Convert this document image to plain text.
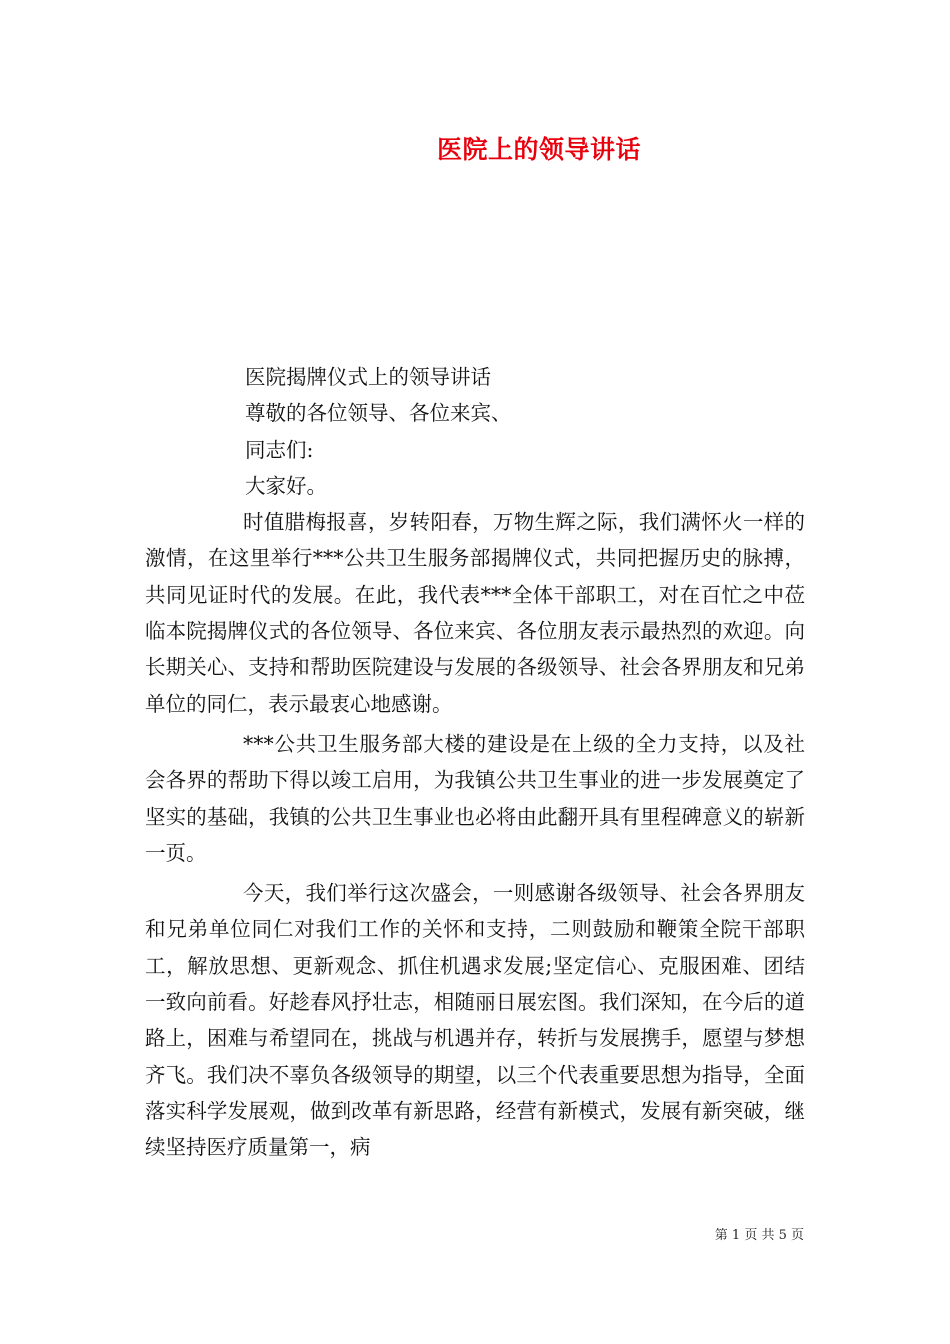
医院上的领导讲话

医院揭牌仪式上的领导讲话

尊敬的各位领导、各位来宾、

同志们:

大家好。

时值腊梅报喜，岁转阳春，万物生辉之际，我们满怀火一样的激情，在这里举行***公共卫生服务部揭牌仪式，共同把握历史的脉搏，共同见证时代的发展。在此，我代表***全体干部职工，对在百忙之中莅临本院揭牌仪式的各位领导、各位来宾、各位朋友表示最热烈的欢迎。向长期关心、支持和帮助医院建设与发展的各级领导、社会各界朋友和兄弟单位的同仁，表示最衷心地感谢。

***公共卫生服务部大楼的建设是在上级的全力支持，以及社会各界的帮助下得以竣工启用，为我镇公共卫生事业的进一步发展奠定了坚实的基础，我镇的公共卫生事业也必将由此翻开具有里程碑意义的崭新一页。

今天，我们举行这次盛会，一则感谢各级领导、社会各界朋友和兄弟单位同仁对我们工作的关怀和支持，二则鼓励和鞭策全院干部职工，解放思想、更新观念、抓住机遇求发展;坚定信心、克服困难、团结一致向前看。好趁春风抒壮志，相随丽日展宏图。我们深知，在今后的道路上，困难与希望同在，挑战与机遇并存，转折与发展携手，愿望与梦想齐飞。我们决不辜负各级领导的期望，以三个代表重要思想为指导，全面落实科学发展观，做到改革有新思路，经营有新模式，发展有新突破，继续坚持医疗质量第一，病

第 1 页 共 5 页
